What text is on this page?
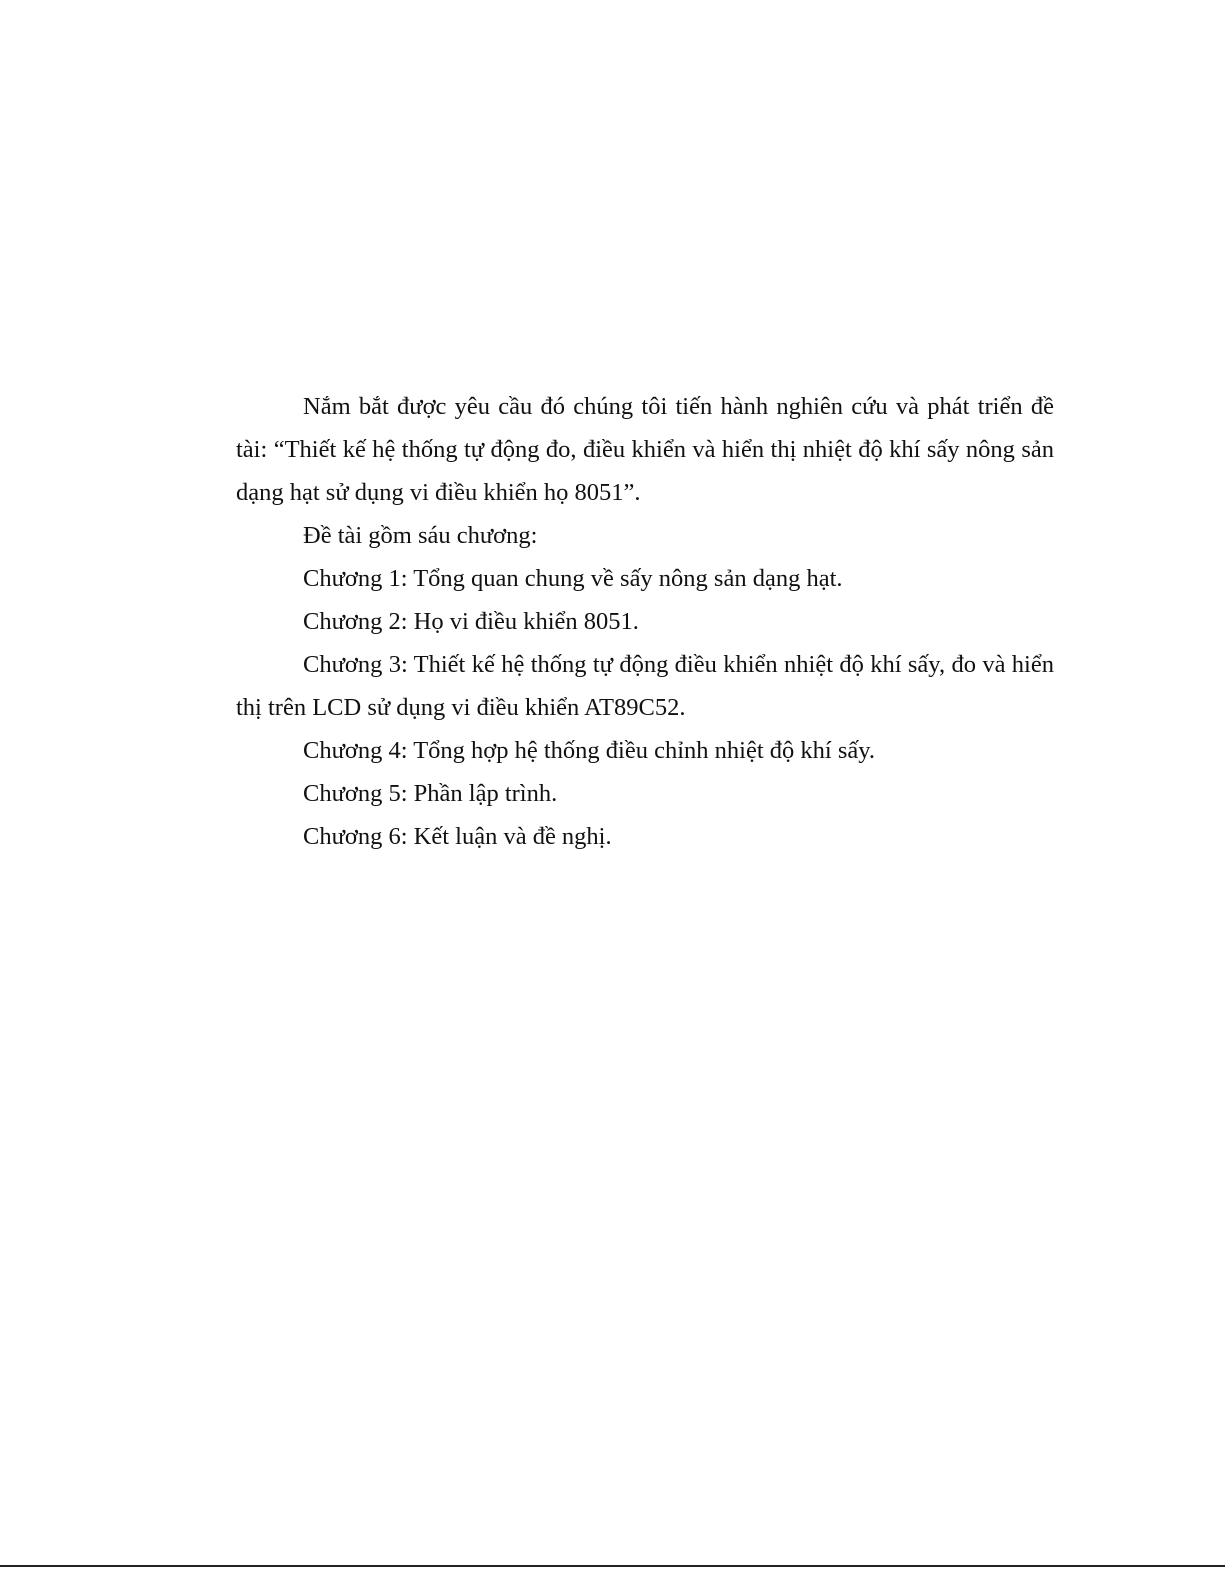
Nắm bắt được yêu cầu đó chúng tôi tiến hành nghiên cứu và phát triển đề tài: “Thiết kế hệ thống tự động đo, điều khiển và hiển thị nhiệt độ khí sấy nông sản dạng hạt sử dụng vi điều khiển họ 8051”.

Đề tài gồm sáu chương:

Chương 1: Tổng quan chung về sấy nông sản dạng hạt.

Chương 2: Họ vi điều khiển 8051.

Chương 3: Thiết kế hệ thống tự động điều khiển nhiệt độ khí sấy, đo và hiển thị trên LCD sử dụng vi điều khiển AT89C52.

Chương 4: Tổng hợp hệ thống điều chỉnh nhiệt độ khí sấy.

Chương 5: Phần lập trình.

Chương 6: Kết luận và đề nghị.
